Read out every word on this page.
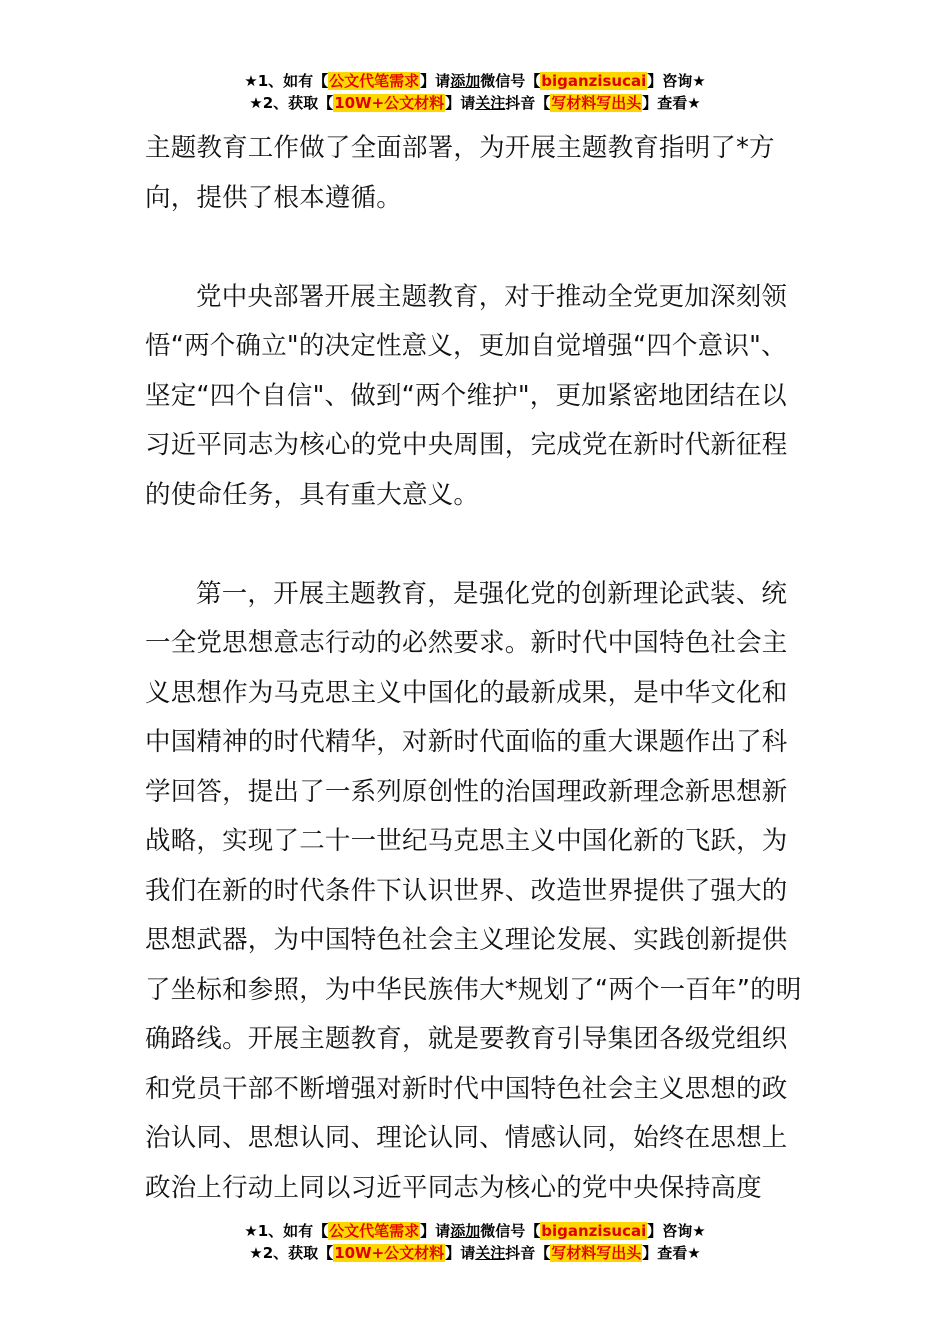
★1、如有【公文代笔需求】请添加微信号【biganzisucai】咨询★
★2、获取【10W+公文材料】请关注抖音【写材料写出头】查看★

主题教育工作做了全面部署，为开展主题教育指明了*方向，提供了根本遵循。

党中央部署开展主题教育，对于推动全党更加深刻领悟“两个确立"的决定性意义，更加自觉增强“四个意识"、坚定“四个自信"、做到“两个维护"，更加紧密地团结在以习近平同志为核心的党中央周围，完成党在新时代新征程的使命任务，具有重大意义。

第一，开展主题教育，是强化党的创新理论武装、统一全党思想意志行动的必然要求。新时代中国特色社会主义思想作为马克思主义中国化的最新成果，是中华文化和中国精神的时代精华，对新时代面临的重大课题作出了科学回答，提出了一系列原创性的治国理政新理念新思想新战略，实现了二十一世纪马克思主义中国化新的飞跃，为我们在新的时代条件下认识世界、改造世界提供了强大的思想武器，为中国特色社会主义理论发展、实践创新提供了坐标和参照，为中华民族伟大*规划了“两个一百年”的明确路线。开展主题教育，就是要教育引导集团各级党组织和党员干部不断增强对新时代中国特色社会主义思想的政治认同、思想认同、理论认同、情感认同，始终在思想上政治上行动上同以习近平同志为核心的党中央保持高度

★1、如有【公文代笔需求】请添加微信号【biganzisucai】咨询★
★2、获取【10W+公文材料】请关注抖音【写材料写出头】查看★
